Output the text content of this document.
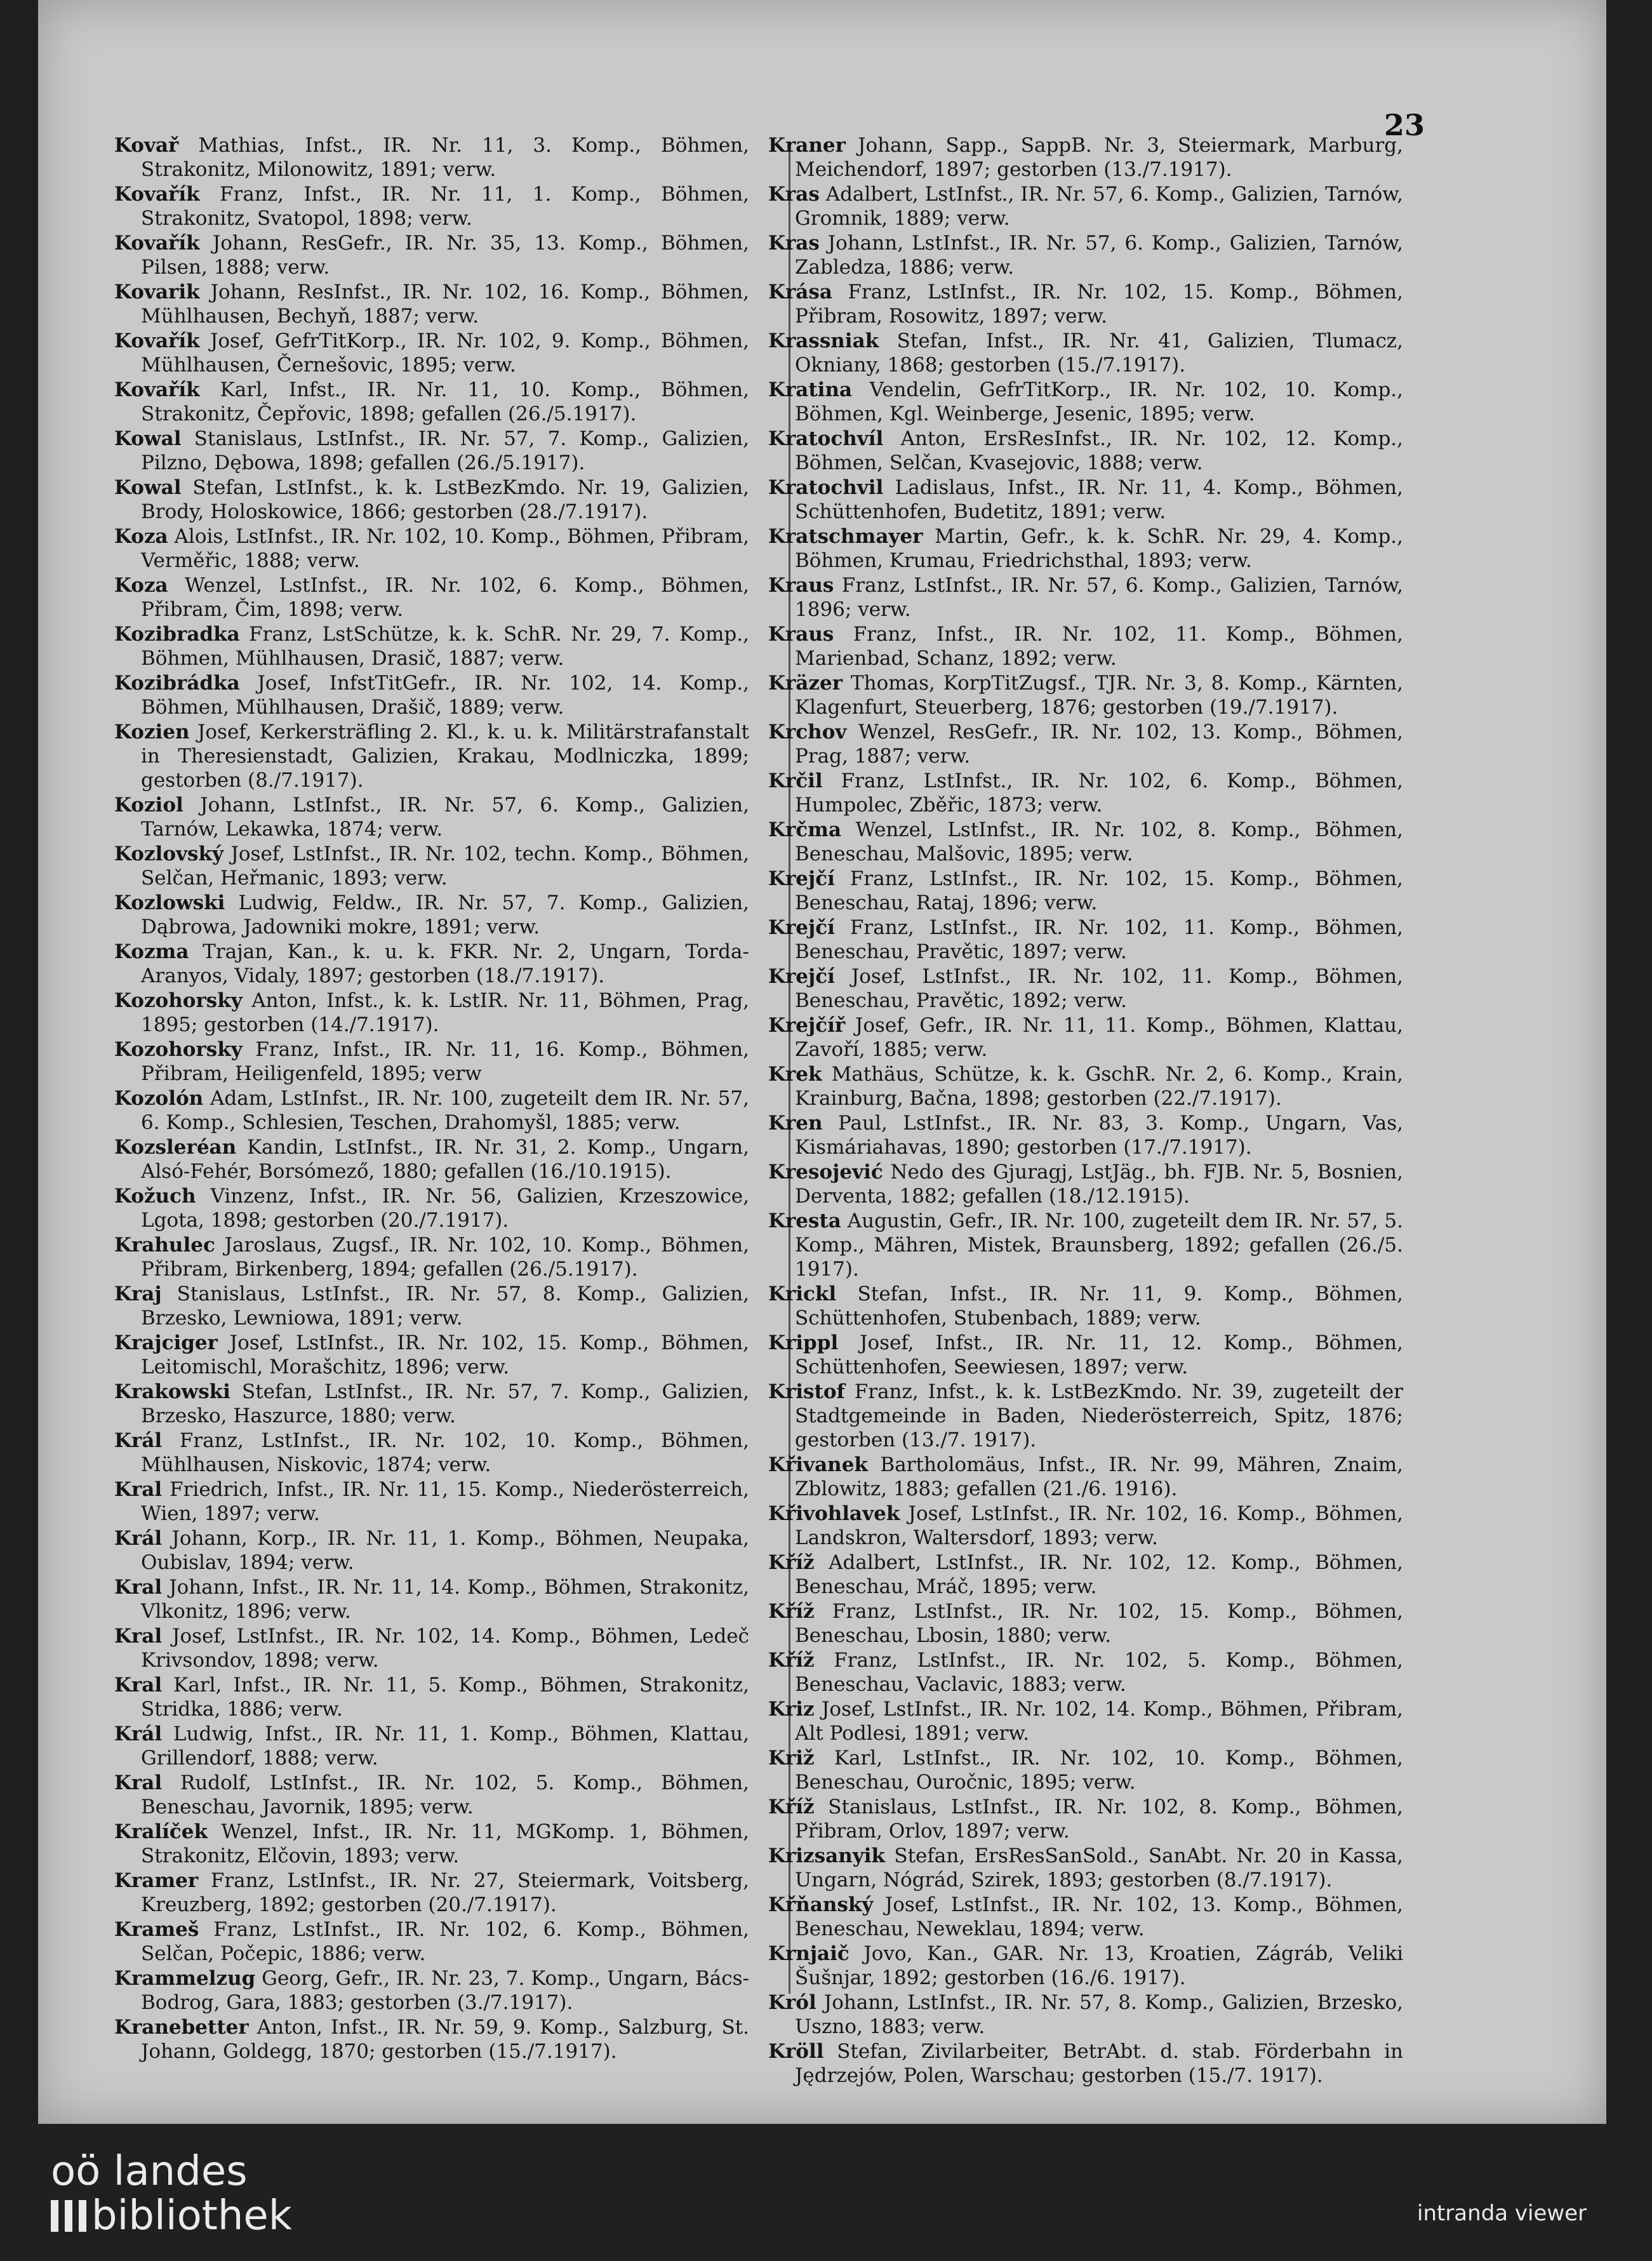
23

Kovař Mathias, Infst., IR. Nr. 11, 3. Komp., Böhmen, Strakonitz, Milonowitz, 1891; verw.

Kovařík Franz, Infst., IR. Nr. 11, 1. Komp., Böhmen, Strakonitz, Svatopol, 1898; verw.

Kovařík Johann, ResGefr., IR. Nr. 35, 13. Komp., Böhmen, Pilsen, 1888; verw.

Kovarik Johann, ResInfst., IR. Nr. 102, 16. Komp., Böhmen, Mühlhausen, Bechyň, 1887; verw.

Kovařík Josef, GefrTitKorp., IR. Nr. 102, 9. Komp., Böhmen, Mühlhausen, Černešovic, 1895; verw.

Kovařík Karl, Infst., IR. Nr. 11, 10. Komp., Böhmen, Strakonitz, Čepřovic, 1898; gefallen (26./5.1917).

Kowal Stanislaus, LstInfst., IR. Nr. 57, 7. Komp., Galizien, Pilzno, Dębowa, 1898; gefallen (26./5.1917).

Kowal Stefan, LstInfst., k. k. LstBezKmdo. Nr. 19, Galizien, Brody, Holoskowice, 1866; gestorben (28./7.1917).

Koza Alois, LstInfst., IR. Nr. 102, 10. Komp., Böhmen, Přibram, Verměřic, 1888; verw.

Koza Wenzel, LstInfst., IR. Nr. 102, 6. Komp., Böhmen, Přibram, Čim, 1898; verw.

Kozibradka Franz, LstSchütze, k. k. SchR. Nr. 29, 7. Komp., Böhmen, Mühlhausen, Drasič, 1887; verw.

Kozibrádka Josef, InfstTitGefr., IR. Nr. 102, 14. Komp., Böhmen, Mühlhausen, Drašič, 1889; verw.

Kozien Josef, Kerkersträfling 2. Kl., k. u. k. Militärstrafanstalt in Theresienstadt, Galizien, Krakau, Modlniczka, 1899; gestorben (8./7.1917).

Koziol Johann, LstInfst., IR. Nr. 57, 6. Komp., Galizien, Tarnów, Lekawka, 1874; verw.

Kozlovský Josef, LstInfst., IR. Nr. 102, techn. Komp., Böhmen, Selčan, Heřmanic, 1893; verw.

Kozlowski Ludwig, Feldw., IR. Nr. 57, 7. Komp., Galizien, Dąbrowa, Jadowniki mokre, 1891; verw.

Kozma Trajan, Kan., k. u. k. FKR. Nr. 2, Ungarn, Torda-Aranyos, Vidaly, 1897; gestorben (18./7.1917).

Kozohorsky Anton, Infst., k. k. LstIR. Nr. 11, Böhmen, Prag, 1895; gestorben (14./7.1917).

Kozohorsky Franz, Infst., IR. Nr. 11, 16. Komp., Böhmen, Přibram, Heiligenfeld, 1895; verw

Kozolón Adam, LstInfst., IR. Nr. 100, zugeteilt dem IR. Nr. 57, 6. Komp., Schlesien, Teschen, Drahomyšl, 1885; verw.

Kozsleréan Kandin, LstInfst., IR. Nr. 31, 2. Komp., Ungarn, Alsó-Fehér, Borsómező, 1880; gefallen (16./10.1915).

Kožuch Vinzenz, Infst., IR. Nr. 56, Galizien, Krzeszowice, Lgota, 1898; gestorben (20./7.1917).

Krahulec Jaroslaus, Zugsf., IR. Nr. 102, 10. Komp., Böhmen, Přibram, Birkenberg, 1894; gefallen (26./5.1917).

Kraj Stanislaus, LstInfst., IR. Nr. 57, 8. Komp., Galizien, Brzesko, Lewniowa, 1891; verw.

Krajciger Josef, LstInfst., IR. Nr. 102, 15. Komp., Böhmen, Leitomischl, Morašchitz, 1896; verw.

Krakowski Stefan, LstInfst., IR. Nr. 57, 7. Komp., Galizien, Brzesko, Haszurce, 1880; verw.

Král Franz, LstInfst., IR. Nr. 102, 10. Komp., Böhmen, Mühlhausen, Niskovic, 1874; verw.

Kral Friedrich, Infst., IR. Nr. 11, 15. Komp., Niederösterreich, Wien, 1897; verw.

Král Johann, Korp., IR. Nr. 11, 1. Komp., Böhmen, Neupaka, Oubislav, 1894; verw.

Kral Johann, Infst., IR. Nr. 11, 14. Komp., Böhmen, Strakonitz, Vlkonitz, 1896; verw.

Kral Josef, LstInfst., IR. Nr. 102, 14. Komp., Böhmen, Ledeč Krivsondov, 1898; verw.

Kral Karl, Infst., IR. Nr. 11, 5. Komp., Böhmen, Strakonitz, Stridka, 1886; verw.

Král Ludwig, Infst., IR. Nr. 11, 1. Komp., Böhmen, Klattau, Grillendorf, 1888; verw.

Kral Rudolf, LstInfst., IR. Nr. 102, 5. Komp., Böhmen, Beneschau, Javornik, 1895; verw.

Kralíček Wenzel, Infst., IR. Nr. 11, MGKomp. 1, Böhmen, Strakonitz, Elčovin, 1893; verw.

Kramer Franz, LstInfst., IR. Nr. 27, Steiermark, Voitsberg, Kreuzberg, 1892; gestorben (20./7.1917).

Krameš Franz, LstInfst., IR. Nr. 102, 6. Komp., Böhmen, Selčan, Počepic, 1886; verw.

Krammelzug Georg, Gefr., IR. Nr. 23, 7. Komp., Ungarn, Bács-Bodrog, Gara, 1883; gestorben (3./7.1917).

Kranebetter Anton, Infst., IR. Nr. 59, 9. Komp., Salzburg, St. Johann, Goldegg, 1870; gestorben (15./7.1917).

Kraner Johann, Sapp., SappB. Nr. 3, Steiermark, Marburg, Meichendorf, 1897; gestorben (13./7.1917).

Kras Adalbert, LstInfst., IR. Nr. 57, 6. Komp., Galizien, Tarnów, Gromnik, 1889; verw.

Kras Johann, LstInfst., IR. Nr. 57, 6. Komp., Galizien, Tarnów, Zabledza, 1886; verw.

Krása Franz, LstInfst., IR. Nr. 102, 15. Komp., Böhmen, Přibram, Rosowitz, 1897; verw.

Krassniak Stefan, Infst., IR. Nr. 41, Galizien, Tlumacz, Okniany, 1868; gestorben (15./7.1917).

Kratina Vendelin, GefrTitKorp., IR. Nr. 102, 10. Komp., Böhmen, Kgl. Weinberge, Jesenic, 1895; verw.

Kratochvíl Anton, ErsResInfst., IR. Nr. 102, 12. Komp., Böhmen, Selčan, Kvasejovic, 1888; verw.

Kratochvil Ladislaus, Infst., IR. Nr. 11, 4. Komp., Böhmen, Schüttenhofen, Budetitz, 1891; verw.

Kratschmayer Martin, Gefr., k. k. SchR. Nr. 29, 4. Komp., Böhmen, Krumau, Friedrichsthal, 1893; verw.

Kraus Franz, LstInfst., IR. Nr. 57, 6. Komp., Galizien, Tarnów, 1896; verw.

Kraus Franz, Infst., IR. Nr. 102, 11. Komp., Böhmen, Marienbad, Schanz, 1892; verw.

Kräzer Thomas, KorpTitZugsf., TJR. Nr. 3, 8. Komp., Kärnten, Klagenfurt, Steuerberg, 1876; gestorben (19./7.1917).

Krchov Wenzel, ResGefr., IR. Nr. 102, 13. Komp., Böhmen, Prag, 1887; verw.

Krčil Franz, LstInfst., IR. Nr. 102, 6. Komp., Böhmen, Humpolec, Zběřic, 1873; verw.

Krčma Wenzel, LstInfst., IR. Nr. 102, 8. Komp., Böhmen, Beneschau, Malšovic, 1895; verw.

Krejčí Franz, LstInfst., IR. Nr. 102, 15. Komp., Böhmen, Beneschau, Rataj, 1896; verw.

Krejčí Franz, LstInfst., IR. Nr. 102, 11. Komp., Böhmen, Beneschau, Pravětic, 1897; verw.

Krejčí Josef, LstInfst., IR. Nr. 102, 11. Komp., Böhmen, Beneschau, Pravětic, 1892; verw.

Krejčíř Josef, Gefr., IR. Nr. 11, 11. Komp., Böhmen, Klattau, Zavoří, 1885; verw.

Krek Mathäus, Schütze, k. k. GschR. Nr. 2, 6. Komp., Krain, Krainburg, Bačna, 1898; gestorben (22./7.1917).

Kren Paul, LstInfst., IR. Nr. 83, 3. Komp., Ungarn, Vas, Kismáriahavas, 1890; gestorben (17./7.1917).

Kresojević Nedo des Gjuragj, LstJäg., bh. FJB. Nr. 5, Bosnien, Derventa, 1882; gefallen (18./12.1915).

Kresta Augustin, Gefr., IR. Nr. 100, zugeteilt dem IR. Nr. 57, 5. Komp., Mähren, Mistek, Braunsberg, 1892; gefallen (26./5. 1917).

Krickl Stefan, Infst., IR. Nr. 11, 9. Komp., Böhmen, Schüttenhofen, Stubenbach, 1889; verw.

Krippl Josef, Infst., IR. Nr. 11, 12. Komp., Böhmen, Schüttenhofen, Seewiesen, 1897; verw.

Kristof Franz, Infst., k. k. LstBezKmdo. Nr. 39, zugeteilt der Stadtgemeinde in Baden, Niederösterreich, Spitz, 1876; gestorben (13./7. 1917).

Křivanek Bartholomäus, Infst., IR. Nr. 99, Mähren, Znaim, Zblowitz, 1883; gefallen (21./6. 1916).

Křivohlavek Josef, LstInfst., IR. Nr. 102, 16. Komp., Böhmen, Landskron, Waltersdorf, 1893; verw.

Kříž Adalbert, LstInfst., IR. Nr. 102, 12. Komp., Böhmen, Beneschau, Mráč, 1895; verw.

Kříž Franz, LstInfst., IR. Nr. 102, 15. Komp., Böhmen, Beneschau, Lbosin, 1880; verw.

Kříž Franz, LstInfst., IR. Nr. 102, 5. Komp., Böhmen, Beneschau, Vaclavic, 1883; verw.

Kriz Josef, LstInfst., IR. Nr. 102, 14. Komp., Böhmen, Přibram, Alt Podlesi, 1891; verw.

Križ Karl, LstInfst., IR. Nr. 102, 10. Komp., Böhmen, Beneschau, Ouročnic, 1895; verw.

Kříž Stanislaus, LstInfst., IR. Nr. 102, 8. Komp., Böhmen, Přibram, Orlov, 1897; verw.

Krizsanyik Stefan, ErsResSanSold., SanAbt. Nr. 20 in Kassa, Ungarn, Nógrád, Szirek, 1893; gestorben (8./7.1917).

Křňanský Josef, LstInfst., IR. Nr. 102, 13. Komp., Böhmen, Beneschau, Neweklau, 1894; verw.

Krnjaič Jovo, Kan., GAR. Nr. 13, Kroatien, Zágráb, Veliki Šušnjar, 1892; gestorben (16./6. 1917).

Król Johann, LstInfst., IR. Nr. 57, 8. Komp., Galizien, Brzesko, Uszno, 1883; verw.

Kröll Stefan, Zivilarbeiter, BetrAbt. d. stab. Förderbahn in Jędrzejów, Polen, Warschau; gestorben (15./7. 1917).

oö landes
bibliothek	intranda viewer
